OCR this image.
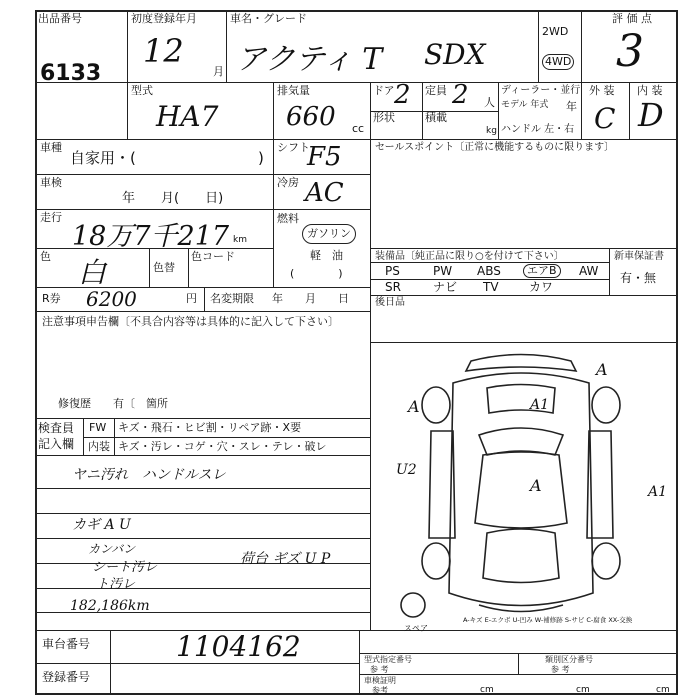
出品番号
6133
初度登録年月
12
月
車名・グレード
アクティ T SDX
2WD
4WD
評 価 点
3
型式
HA7
排気量
660 cc
ドア 2 定員 2 人
形状	積載
kg
ディーラー・並行
モデル 年式 年
ハンドル 左・右
外 装
C
内 装
D
車種
自家用・(	)
車検
年　　月(　　日)
走行
18万7千217 km
色 白	色替
色コード
R券 6200	円 名変期限 年　　月　　日
注意事項申告欄〔不具合内容等は具体的に記入して下さい〕
修復歴　　有〔　箇所
シフト
F5
冷房 AC
燃料
ガソリン
軽　油
(　　　　)
セールスポイント〔正常に機能するものに限ります〕
装備品〔純正品に限り○を付けて下さい〕
PS	PW ABS	エアB	AW
SR	ナビ TV	カワ
新車保証書
有・無
後日品
検査員
記入欄
FW キズ・飛石・ヒビ割・リペア跡・X要
内装 キズ・汚レ・コゲ・穴・スレ・テレ・破レ
ヤニ汚れ　ハンドルスレ
カギ A U
カンバン
シート汚レ
ト汚レ
荷台 ギズ U P
182,186km
A
A
A1
U2
A	A1
スペア
A-キズ E-エクボ U-凹み W-補修跡 S-サビ C-腐食 XX-交換
車台番号	1104162
登録番号
型式指定番号
参 考
類別区分番号
参 考
車検証明
参考	cm	cm	cm
